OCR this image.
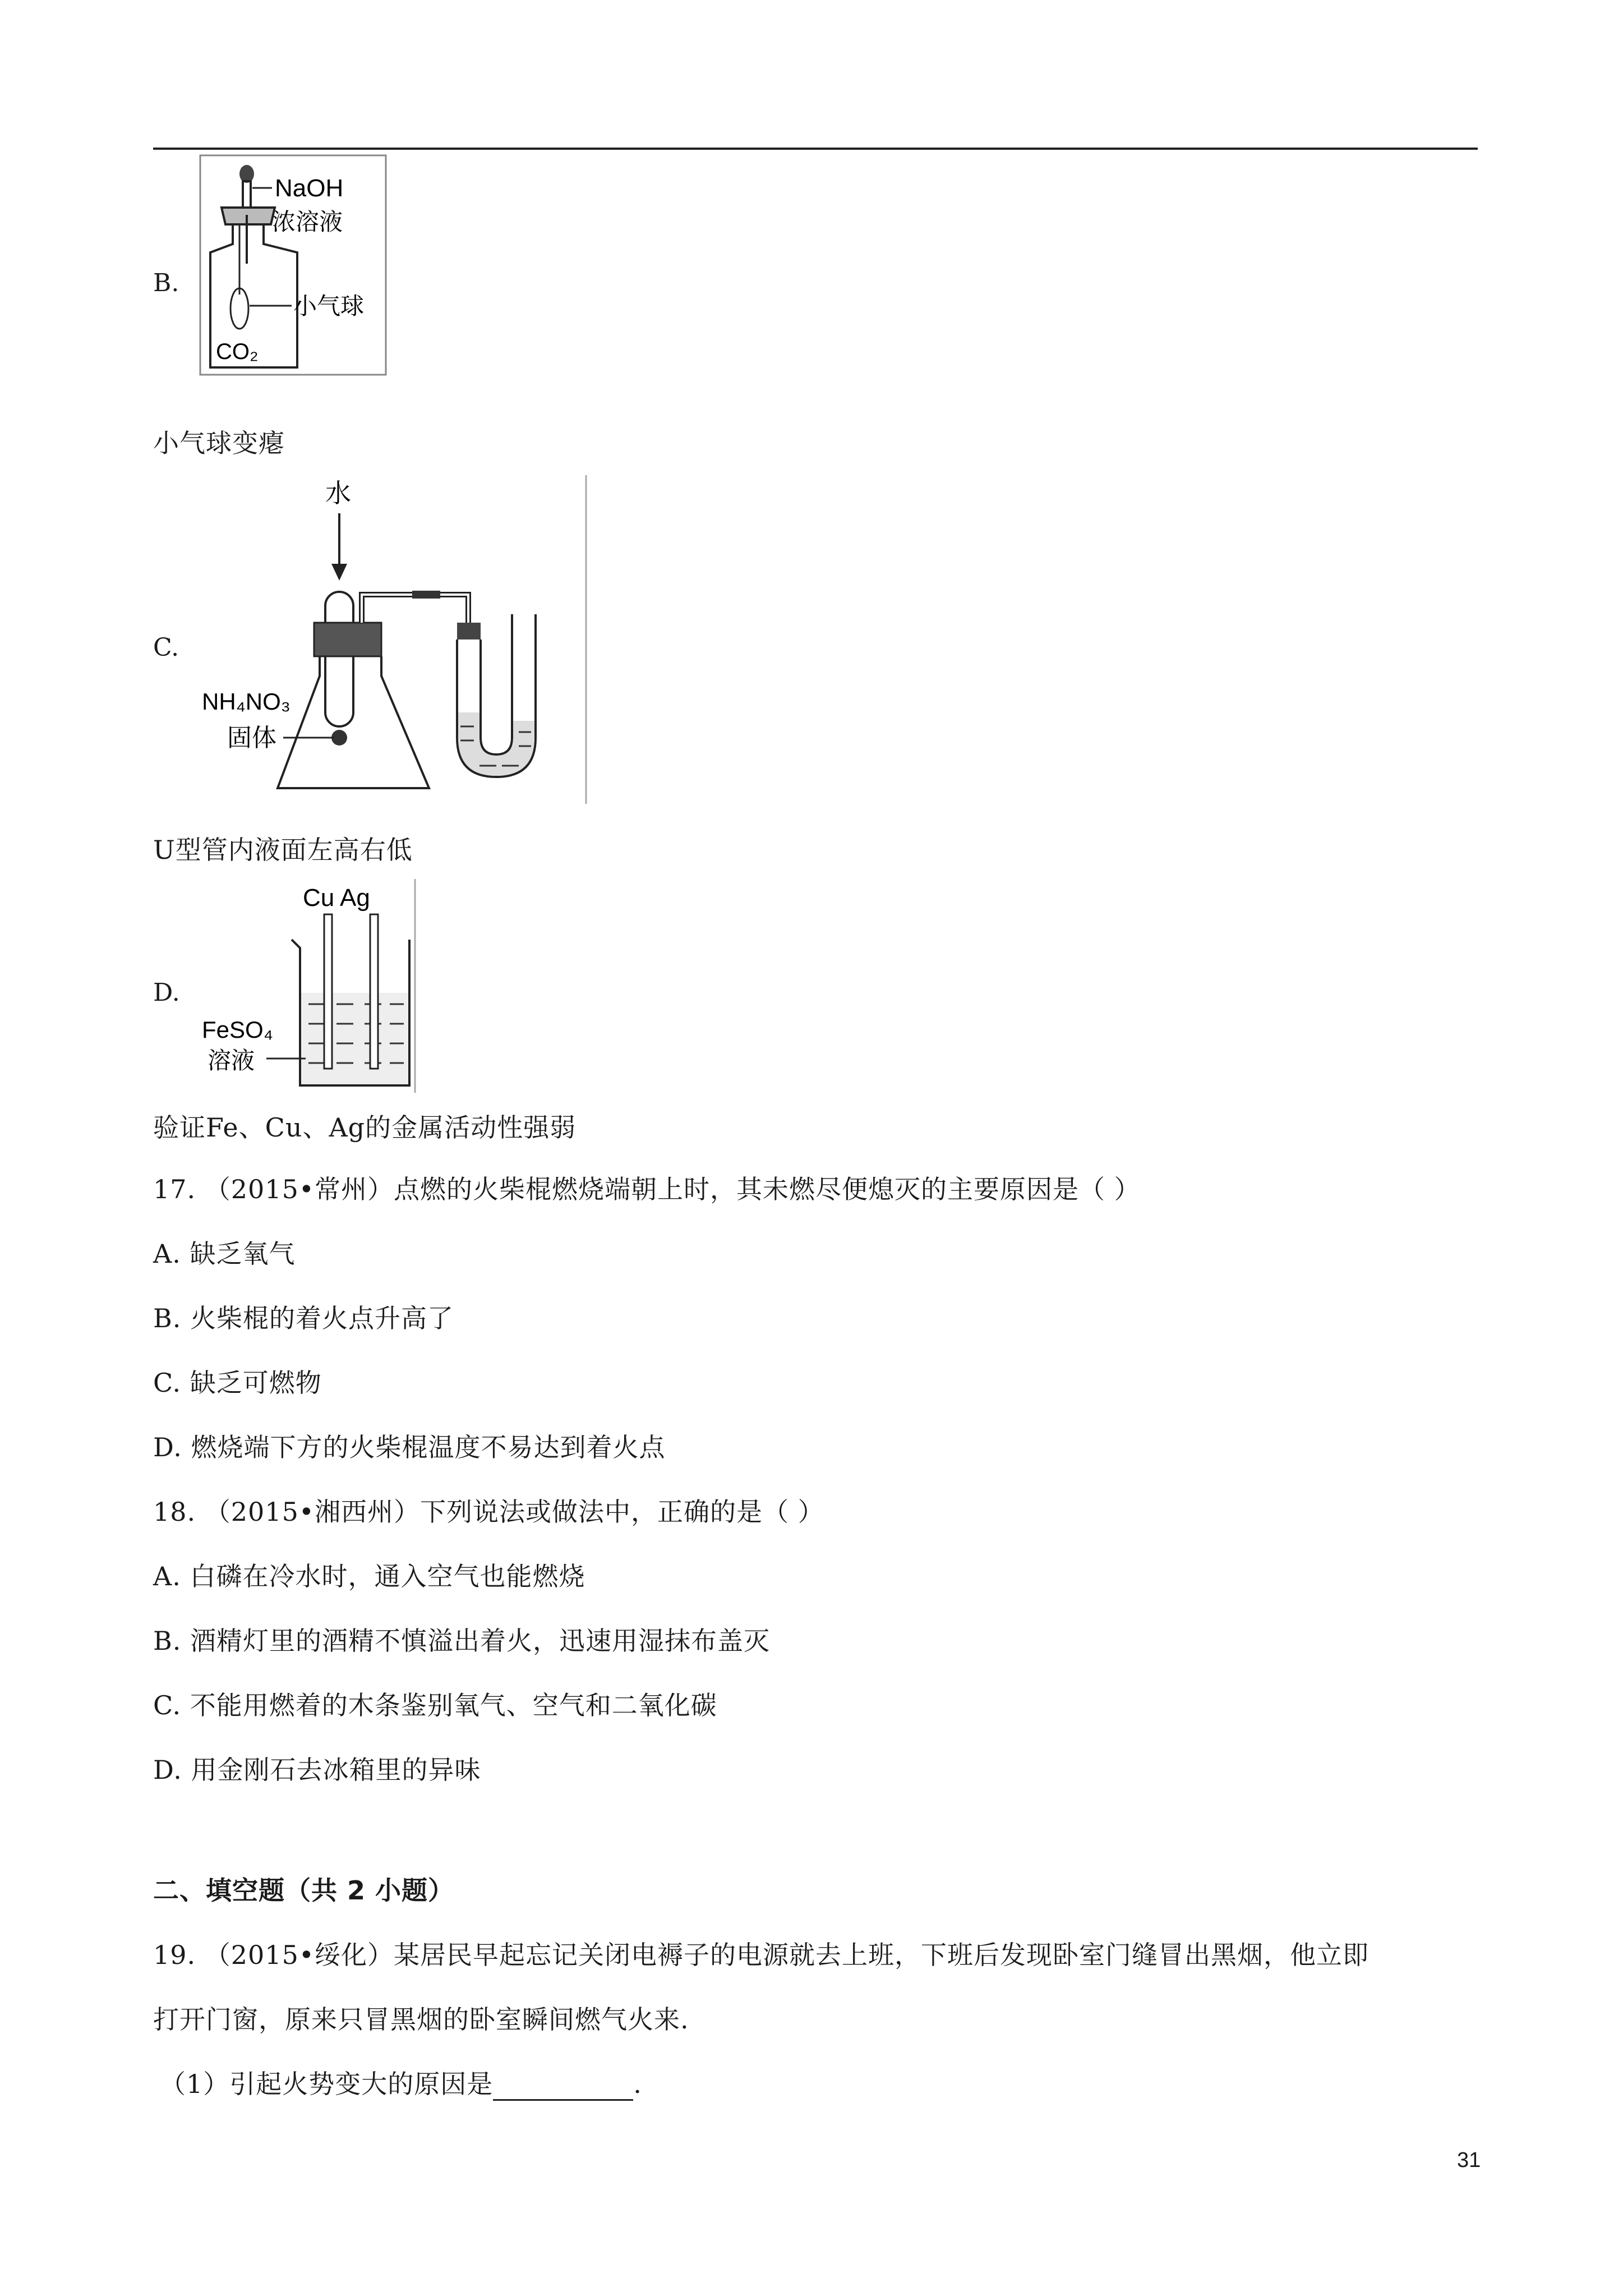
B.
NaOH
浓溶液
小气球
CO₂
小气球变瘪
C.
水
NH₄NO₃
固体
U型管内液面左高右低
D.
Cu Ag
FeSO₄
溶液
验证Fe、Cu、Ag的金属活动性强弱
17. （2015•常州）点燃的火柴棍燃烧端朝上时，其未燃尽便熄灭的主要原因是（ ）
A. 缺乏氧气
B. 火柴棍的着火点升高了
C. 缺乏可燃物
D. 燃烧端下方的火柴棍温度不易达到着火点
18. （2015•湘西州）下列说法或做法中，正确的是（ ）
A. 白磷在冷水时，通入空气也能燃烧
B. 酒精灯里的酒精不慎溢出着火，迅速用湿抹布盖灭
C. 不能用燃着的木条鉴别氧气、空气和二氧化碳
D. 用金刚石去冰箱里的异味
二、填空题（共 2 小题）
19. （2015•绥化）某居民早起忘记关闭电褥子的电源就去上班，下班后发现卧室门缝冒出黑烟，他立即
打开门窗，原来只冒黑烟的卧室瞬间燃气火来.
（1）引起火势变大的原因是	.
31
